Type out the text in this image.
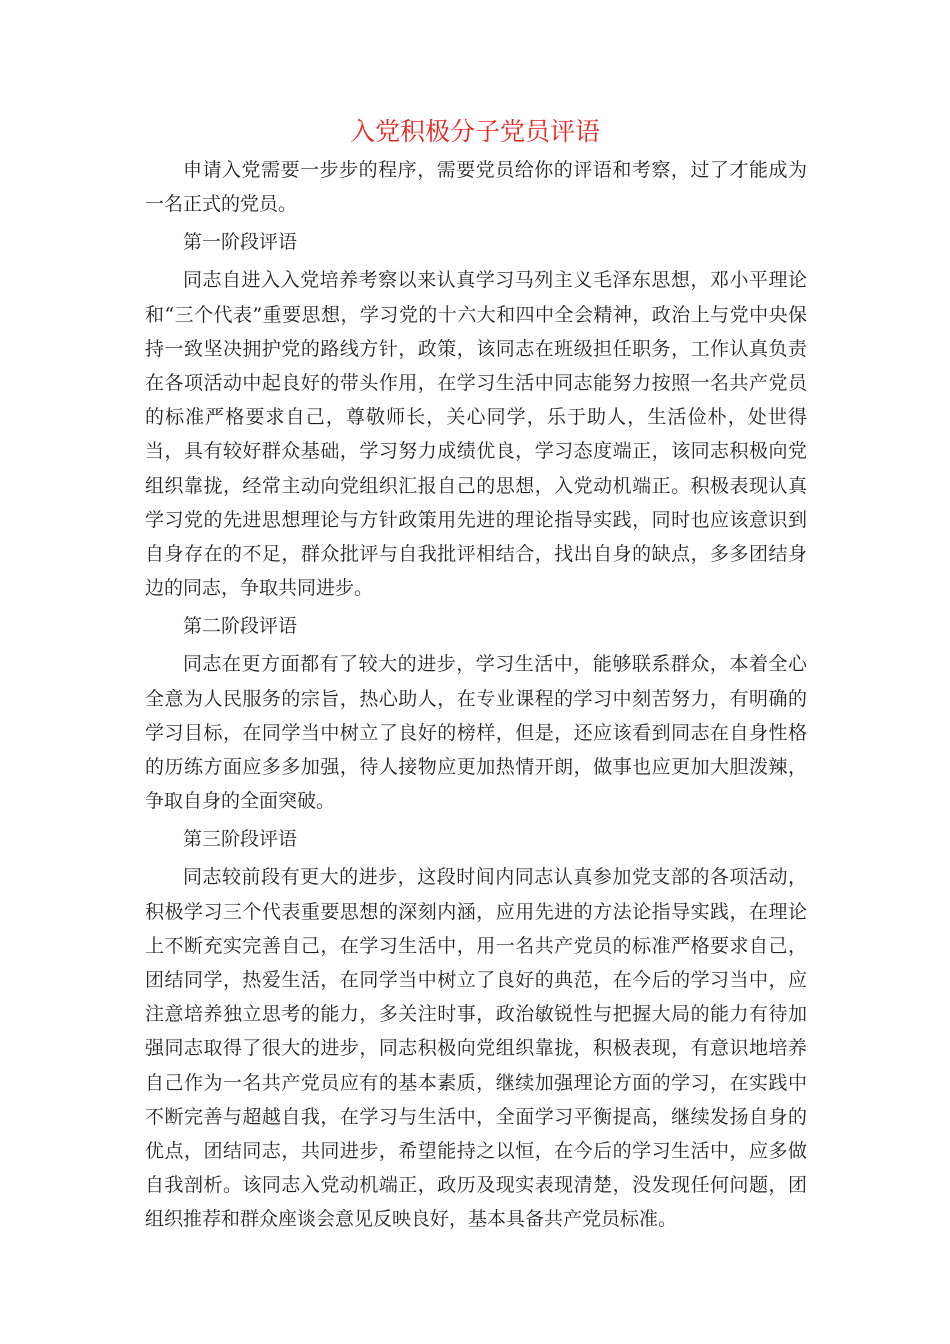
入党积极分子党员评语

申请入党需要一步步的程序，需要党员给你的评语和考察，过了才能成为一名正式的党员。

第一阶段评语

同志自进入入党培养考察以来认真学习马列主义毛泽东思想，邓小平理论和“三个代表”重要思想，学习党的十六大和四中全会精神，政治上与党中央保持一致坚决拥护党的路线方针，政策，该同志在班级担任职务，工作认真负责在各项活动中起良好的带头作用，在学习生活中同志能努力按照一名共产党员的标准严格要求自己，尊敬师长，关心同学，乐于助人，生活俭朴，处世得当，具有较好群众基础，学习努力成绩优良，学习态度端正，该同志积极向党组织靠拢，经常主动向党组织汇报自己的思想，入党动机端正。积极表现认真学习党的先进思想理论与方针政策用先进的理论指导实践，同时也应该意识到自身存在的不足，群众批评与自我批评相结合，找出自身的缺点，多多团结身边的同志，争取共同进步。

第二阶段评语

同志在更方面都有了较大的进步，学习生活中，能够联系群众，本着全心全意为人民服务的宗旨，热心助人，在专业课程的学习中刻苦努力，有明确的学习目标，在同学当中树立了良好的榜样，但是，还应该看到同志在自身性格的历练方面应多多加强，待人接物应更加热情开朗，做事也应更加大胆泼辣，争取自身的全面突破。

第三阶段评语

同志较前段有更大的进步，这段时间内同志认真参加党支部的各项活动，积极学习三个代表重要思想的深刻内涵，应用先进的方法论指导实践，在理论上不断充实完善自己，在学习生活中，用一名共产党员的标准严格要求自己，团结同学，热爱生活，在同学当中树立了良好的典范，在今后的学习当中，应注意培养独立思考的能力，多关注时事，政治敏锐性与把握大局的能力有待加强同志取得了很大的进步，同志积极向党组织靠拢，积极表现，有意识地培养自己作为一名共产党员应有的基本素质，继续加强理论方面的学习，在实践中不断完善与超越自我，在学习与生活中，全面学习平衡提高，继续发扬自身的优点，团结同志，共同进步，希望能持之以恒，在今后的学习生活中，应多做自我剖析。该同志入党动机端正，政历及现实表现清楚，没发现任何问题，团组织推荐和群众座谈会意见反映良好，基本具备共产党员标准。
